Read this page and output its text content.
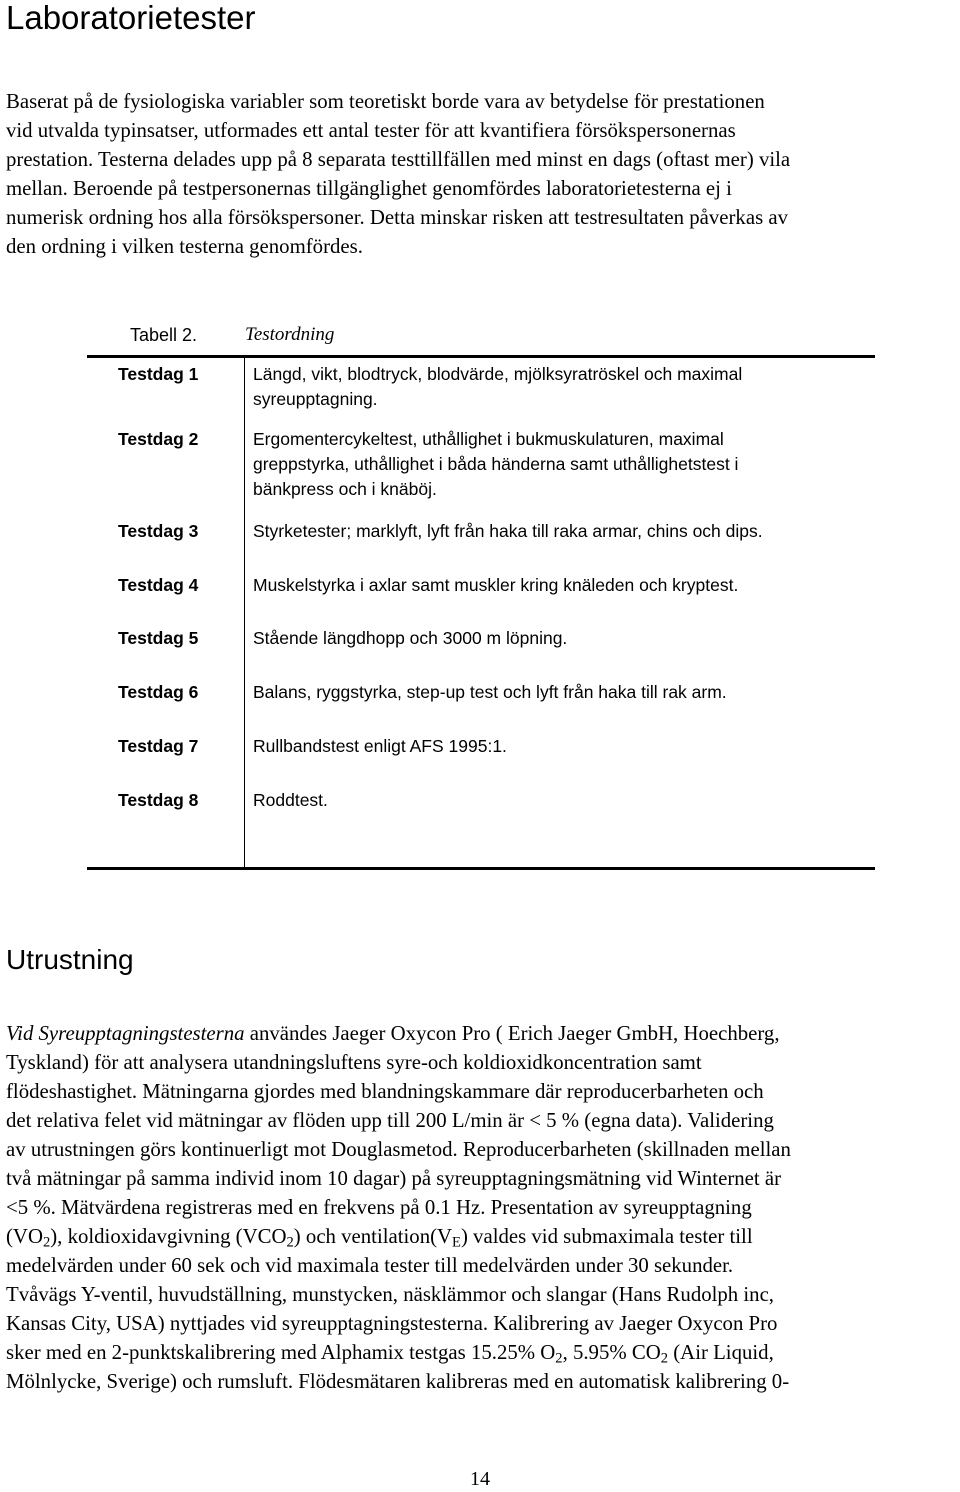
Laboratorietester
Baserat på de fysiologiska variabler som teoretiskt borde vara av betydelse för prestationen
vid utvalda typinsatser, utformades ett antal tester för att kvantifiera försökspersonernas
prestation. Testerna delades upp på 8 separata testtillfällen med minst en dags (oftast mer) vila
mellan. Beroende på testpersonernas tillgänglighet genomfördes laboratorietesterna ej i
numerisk ordning hos alla försökspersoner. Detta minskar risken att testresultaten påverkas av
den ordning i vilken testerna genomfördes.
Tabell 2.	Testordning
Testdag 1	Längd, vikt, blodtryck, blodvärde, mjölksyratröskel och maximal
syreupptagning.
Testdag 2	Ergomentercykeltest, uthållighet i bukmuskulaturen, maximal
greppstyrka, uthållighet i båda händerna samt uthållighetstest i
bänkpress och i knäböj.
Testdag 3	Styrketester; marklyft, lyft från haka till raka armar, chins och dips.
Testdag 4	Muskelstyrka i axlar samt muskler kring knäleden och kryptest.
Testdag 5	Stående längdhopp och 3000 m löpning.
Testdag 6	Balans, ryggstyrka, step-up test och lyft från haka till rak arm.
Testdag 7	Rullbandstest enligt AFS 1995:1.
Testdag 8	Roddtest.
Utrustning
Vid Syreupptagningstesterna användes Jaeger Oxycon Pro ( Erich Jaeger GmbH, Hoechberg,
Tyskland) för att analysera utandningsluftens syre-och koldioxidkoncentration samt
flödeshastighet. Mätningarna gjordes med blandningskammare där reproducerbarheten och
det relativa felet vid mätningar av flöden upp till 200 L/min är < 5 % (egna data). Validering
av utrustningen görs kontinuerligt mot Douglasmetod. Reproducerbarheten (skillnaden mellan
två mätningar på samma individ inom 10 dagar) på syreupptagningsmätning vid Winternet är
<5 %. Mätvärdena registreras med en frekvens på 0.1 Hz. Presentation av syreupptagning
$(VO_2)$, koldioxidavgivning $(VCO_2)$ och $ventilation(V_E)$ valdes vid submaximala tester till
medelvärden under 60 sek och vid maximala tester till medelvärden under 30 sekunder.
Tvåvägs Y-ventil, huvudställning, munstycken, näsklämmor och slangar (Hans Rudolph inc,
Kansas City, USA) nyttjades vid syreupptagningstesterna. Kalibrering av Jaeger Oxycon Pro
sker med en 2-punktskalibrering med Alphamix testgas 15.25% $O_2$, 5.95% $CO_2$ (Air Liquid,
Mölnlycke, Sverige) och rumsluft. Flödesmätaren kalibreras med en automatisk kalibrering 0-
14
